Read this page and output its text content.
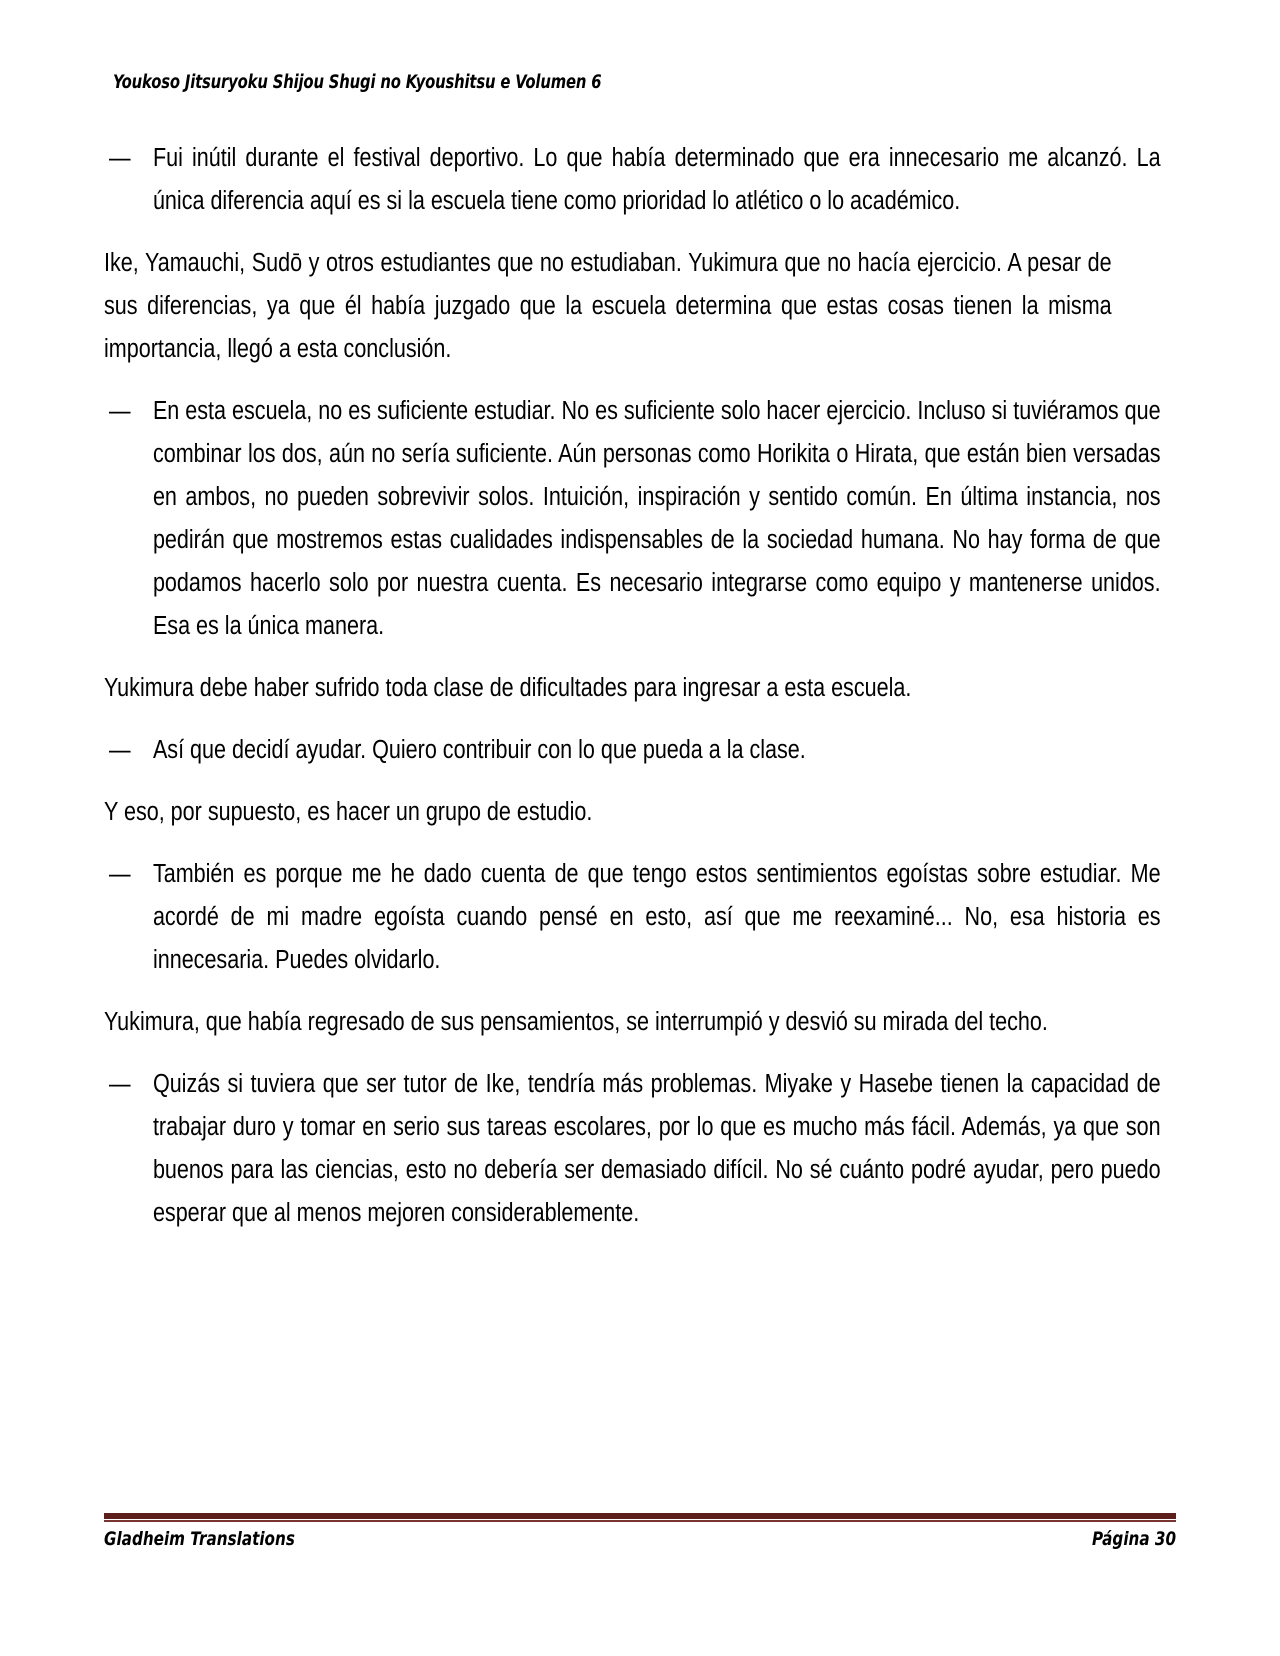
Youkoso Jitsuryoku Shijou Shugi no Kyoushitsu e Volumen 6

— Fui inútil durante el festival deportivo. Lo que había determinado que era innecesario me alcanzó. La única diferencia aquí es si la escuela tiene como prioridad lo atlético o lo académico.

Ike, Yamauchi, Sudō y otros estudiantes que no estudiaban. Yukimura que no hacía ejercicio. A pesar de sus diferencias, ya que él había juzgado que la escuela determina que estas cosas tienen la misma importancia, llegó a esta conclusión.

— En esta escuela, no es suficiente estudiar. No es suficiente solo hacer ejercicio. Incluso si tuviéramos que combinar los dos, aún no sería suficiente. Aún personas como Horikita o Hirata, que están bien versadas en ambos, no pueden sobrevivir solos. Intuición, inspiración y sentido común. En última instancia, nos pedirán que mostremos estas cualidades indispensables de la sociedad humana. No hay forma de que podamos hacerlo solo por nuestra cuenta. Es necesario integrarse como equipo y mantenerse unidos. Esa es la única manera.

Yukimura debe haber sufrido toda clase de dificultades para ingresar a esta escuela.

— Así que decidí ayudar. Quiero contribuir con lo que pueda a la clase.

Y eso, por supuesto, es hacer un grupo de estudio.

— También es porque me he dado cuenta de que tengo estos sentimientos egoístas sobre estudiar. Me acordé de mi madre egoísta cuando pensé en esto, así que me reexaminé... No, esa historia es innecesaria. Puedes olvidarlo.

Yukimura, que había regresado de sus pensamientos, se interrumpió y desvió su mirada del techo.

— Quizás si tuviera que ser tutor de Ike, tendría más problemas. Miyake y Hasebe tienen la capacidad de trabajar duro y tomar en serio sus tareas escolares, por lo que es mucho más fácil. Además, ya que son buenos para las ciencias, esto no debería ser demasiado difícil. No sé cuánto podré ayudar, pero puedo esperar que al menos mejoren considerablemente.

Gladheim Translations	Página 30
